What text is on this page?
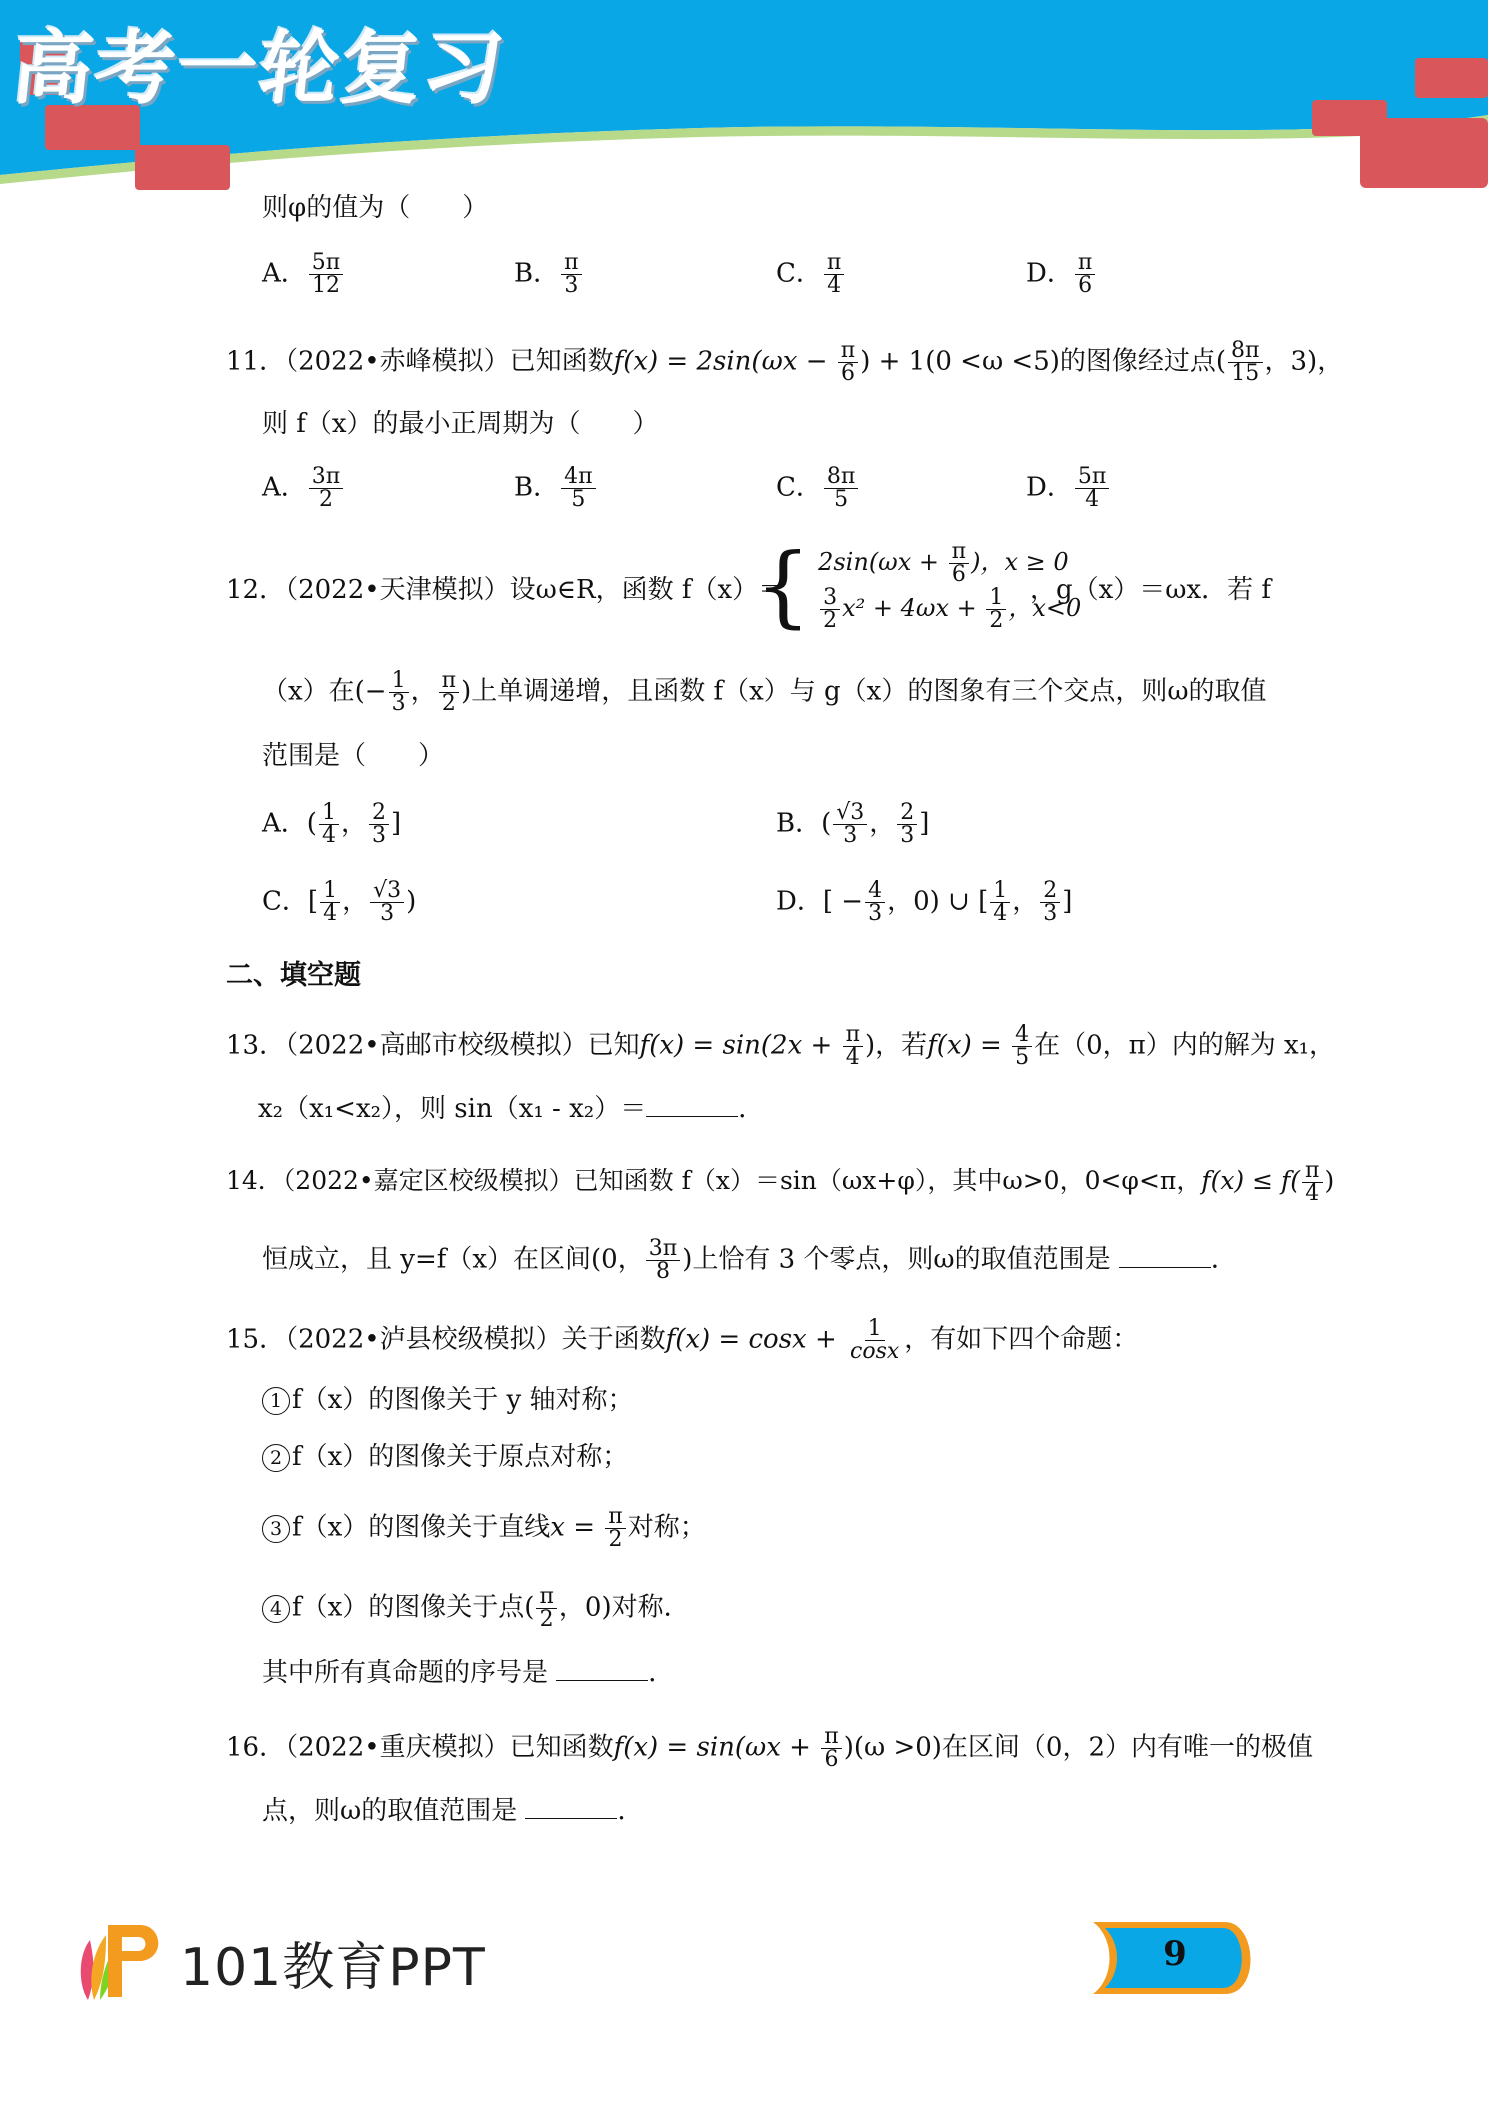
高考一轮复习
则φ的值为（　　）
A． $\frac{5\pi}{12}$	B． $\frac{\pi}{3}$	C． $\frac{\pi}{4}$	D． $\frac{\pi}{6}$
11．（2022•赤峰模拟）已知函数$f(x) = 2\sin(\omega x - \frac{\pi}{6}$ ) + 1(0 <ω <5)的图像经过点( $\frac{8\pi}{15}$ ，3)，
则 f（x）的最小正周期为（　　）
A． $\frac{3\pi}{2}$	B． $\frac{4\pi}{5}$	C． $\frac{8\pi}{5}$	D． $\frac{5\pi}{4}$
12．（2022•天津模拟）设ω∈R，函数 f（x）＝
{ $2\sin(\omega x + \frac{\pi}{6}$ )，x ≥ 0
$\frac{3}{2} x^2 + 4\omega x + \frac{1}{2}$ ，x<0
，g（x）＝ωx．若 f
（x）在(− $\frac{1}{3}$ ， $\frac{\pi}{2}$ )上单调递增，且函数 f（x）与 g（x）的图象有三个交点，则ω的取值
范围是（　　）
A．( $\frac{1}{4}$ ， $\frac{2}{3}$ ]	B．( $\frac{√3}{3}$ ， $\frac{2}{3}$ ]
C．[ $\frac{1}{4}$ ， $\frac{√3}{3}$ )	D．[ − $\frac{4}{3}$ ，0) ∪ [ $\frac{1}{4}$ ， $\frac{2}{3}$ ]
二、填空题
13．（2022•高邮市校级模拟）已知$f(x) = \sin(2x + \frac{\pi}{4}$ )，若$f(x) = \frac{4}{5}$ 在（0，π）内的解为 x₁，
x₂（x₁<x₂），则 sin（x₁ - x₂）＝	．
14．（2022•嘉定区校级模拟）已知函数 f（x）＝sin（ωx+φ），其中ω>0，0<φ<π，$f(x) \le f( \frac{\pi}{4}$ )
恒成立，且 y=f（x）在区间(0， $\frac{3\pi}{8}$ )上恰有 3 个零点，则ω的取值范围是	．
15．（2022•泸县校级模拟）关于函数$f(x) = \cos x + \frac{1}{\cos x}$ ，有如下四个命题：
1 f（x）的图像关于 y 轴对称；
2 f（x）的图像关于原点对称；
3 f（x）的图像关于直线$x = \frac{\pi}{2}$ 对称；
4 f（x）的图像关于点( $\frac{\pi}{2}$ ，0)对称．
其中所有真命题的序号是	．
16．（2022•重庆模拟）已知函数$f(x) = \sin(\omega x + \frac{\pi}{6} )(\omega >0)$在区间（0，2）内有唯一的极值
点，则ω的取值范围是	．
101教育PPT	9
